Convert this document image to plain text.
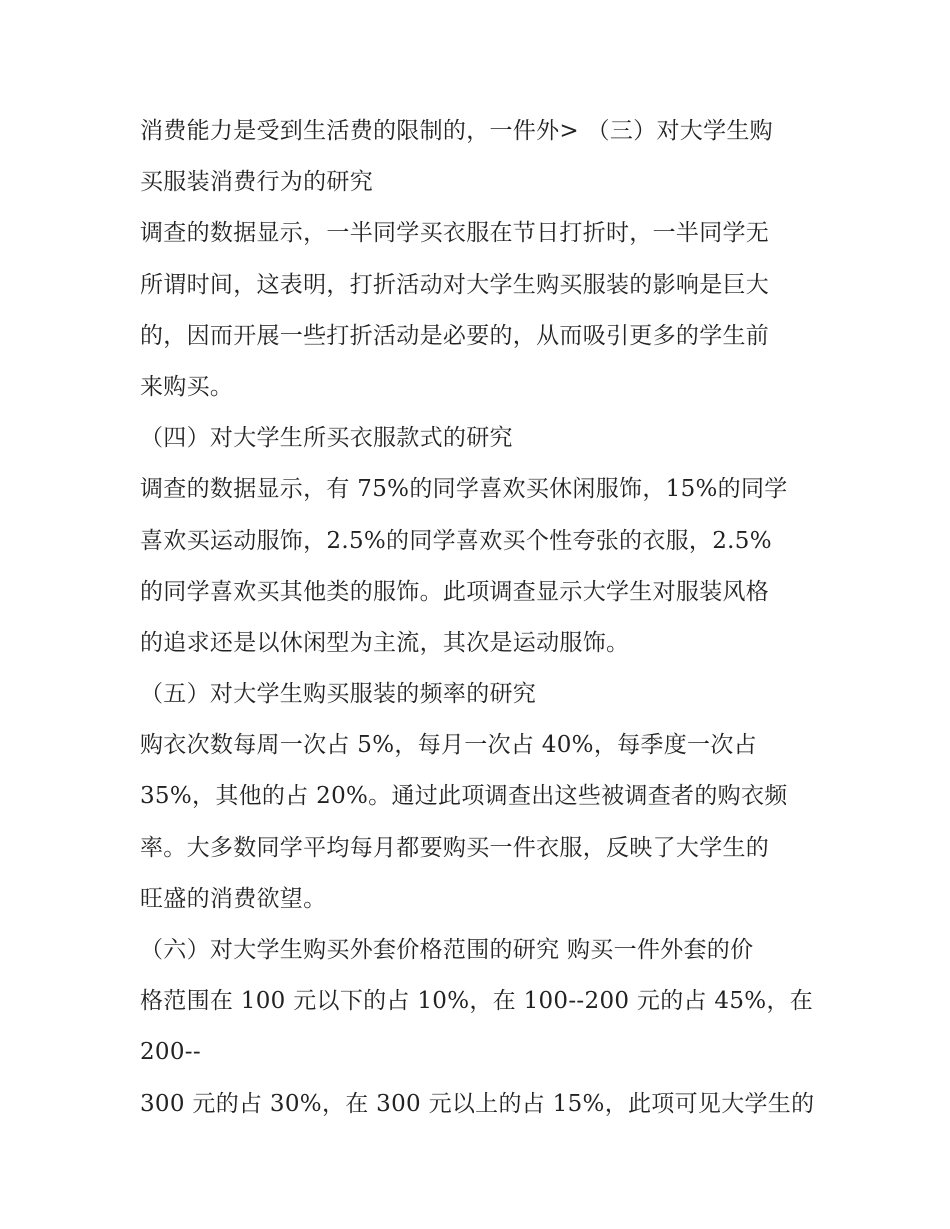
消费能力是受到生活费的限制的，一件外> （三）对大学生购
买服装消费行为的研究
调查的数据显示，一半同学买衣服在节日打折时，一半同学无
所谓时间，这表明，打折活动对大学生购买服装的影响是巨大
的，因而开展一些打折活动是必要的，从而吸引更多的学生前
来购买。
（四）对大学生所买衣服款式的研究
调查的数据显示，有 75%的同学喜欢买休闲服饰，15%的同学
喜欢买运动服饰，2.5%的同学喜欢买个性夸张的衣服，2.5%
的同学喜欢买其他类的服饰。此项调查显示大学生对服装风格
的追求还是以休闲型为主流，其次是运动服饰。
（五）对大学生购买服装的频率的研究
购衣次数每周一次占 5%，每月一次占 40%，每季度一次占
35%，其他的占 20%。通过此项调查出这些被调查者的购衣频
率。大多数同学平均每月都要购买一件衣服，反映了大学生的
旺盛的消费欲望。
（六）对大学生购买外套价格范围的研究 购买一件外套的价
格范围在 100 元以下的占 10%，在 100--200 元的占 45%，在
200--
300 元的占 30%，在 300 元以上的占 15%，此项可见大学生的
